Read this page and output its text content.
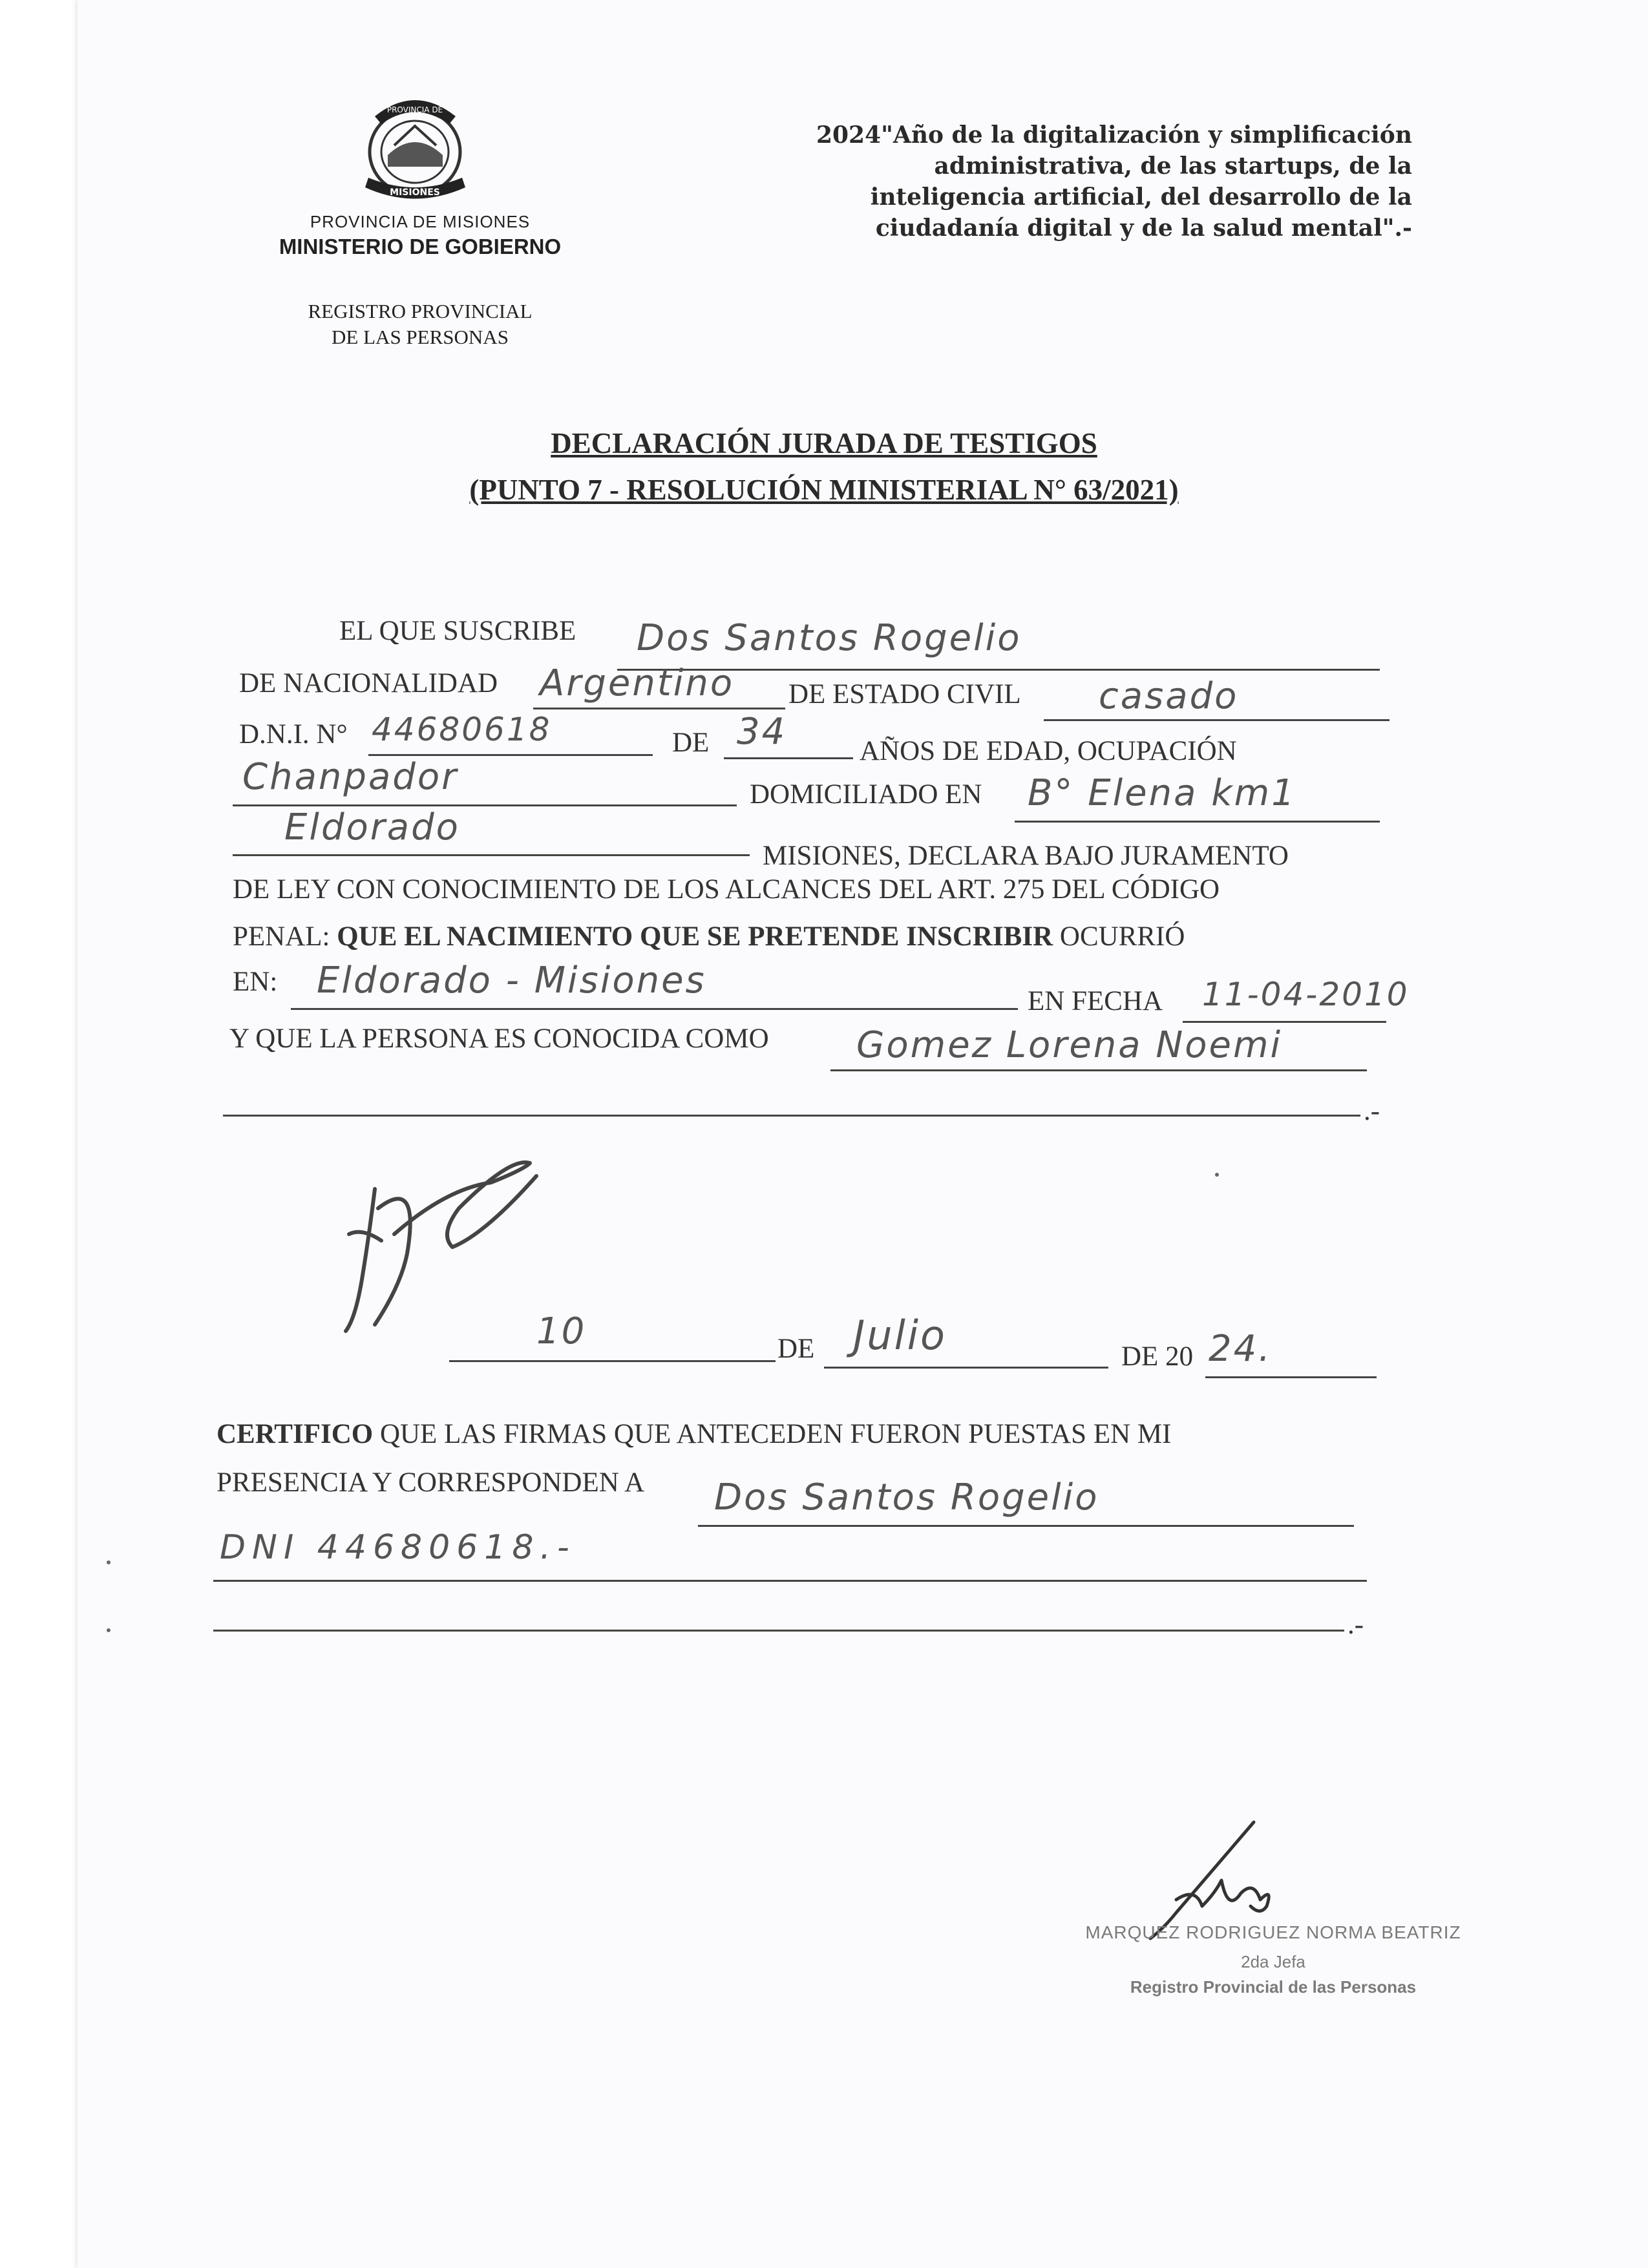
PROVINCIA DE
MISIONES
PROVINCIA DE MISIONES
MINISTERIO DE GOBIERNO
REGISTRO PROVINCIAL
DE LAS PERSONAS
2024"Año de la digitalización y simplificación
administrativa, de las startups, de la
inteligencia artificial, del desarrollo de la
ciudadanía digital y de la salud mental".-
DECLARACIÓN JURADA DE TESTIGOS
(PUNTO 7 - RESOLUCIÓN MINISTERIAL N° 63/2021)
EL QUE SUSCRIBE Dos Santos Rogelio
DE NACIONALIDAD Argentino DE ESTADO CIVIL casado
D.N.I. N° 44680618	DE 34	AÑOS DE EDAD, OCUPACIÓN
Chanpador	DOMICILIADO EN B° Elena km1
Eldorado
MISIONES, DECLARA BAJO JURAMENTO
DE LEY CON CONOCIMIENTO DE LOS ALCANCES DEL ART. 275 DEL CÓDIGO
PENAL: QUE EL NACIMIENTO QUE SE PRETENDE INSCRIBIR OCURRIÓ
EN: Eldorado - Misiones	EN FECHA 11-04-2010
Y QUE LA PERSONA ES CONOCIDA COMO Gomez Lorena Noemi
.-
10	DE Julio	DE 20 24.
CERTIFICO QUE LAS FIRMAS QUE ANTECEDEN FUERON PUESTAS EN MI
PRESENCIA Y CORRESPONDEN A Dos Santos Rogelio
DNI 44680618.-
.-
MARQUEZ RODRIGUEZ NORMA BEATRIZ
2da Jefa
Registro Provincial de las Personas
